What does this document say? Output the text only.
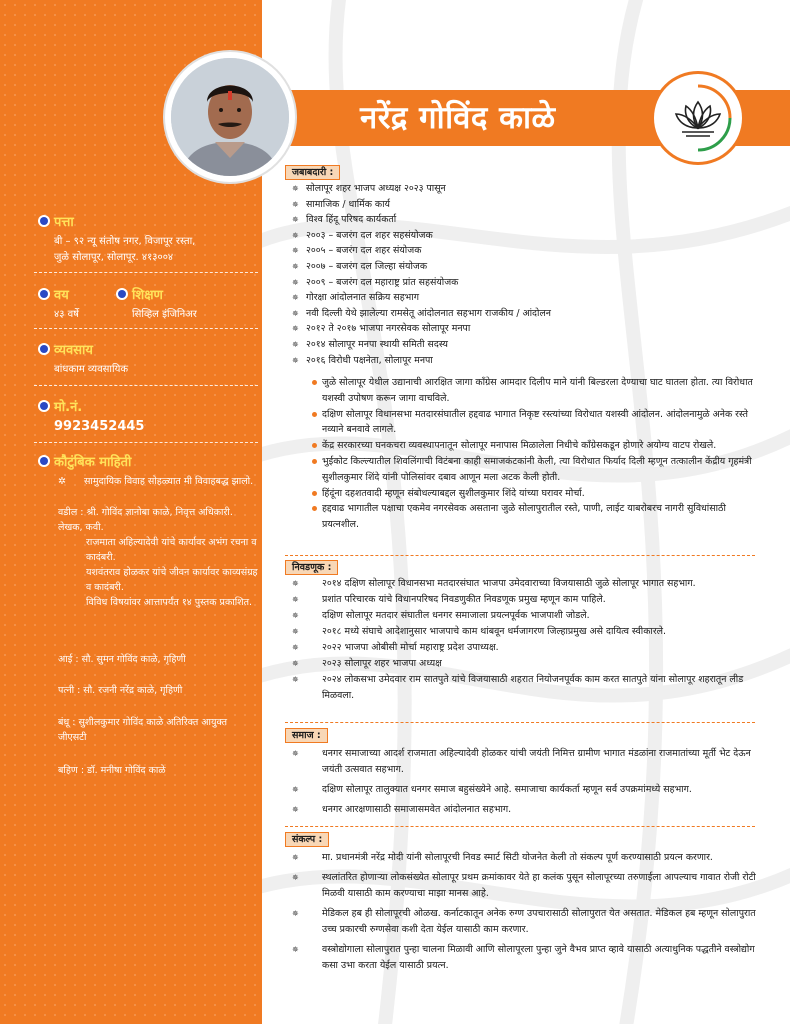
नरेंद्र गोविंद काळे
पत्ता
बी – ९२ न्यू संतोष नगर, विजापूर रस्ता,
जुळे सोलापूर, सोलापूर. ४१३००४
वय
४३ वर्षे
शिक्षण
सिव्हिल इंजिनिअर
व्यवसाय
बांधकाम व्यवसायिक
मो.नं.
9923452445
कौटुंबिक माहिती
✲ सामुदायिक विवाह सोहळ्यात मी विवाहबद्ध झालो.
वडील : श्री. गोविंद ज्ञानोबा काळे, निवृत्त अधिकारी. लेखक, कवी.
राजमाता अहिल्यादेवी यांचे कार्यावर अभंग रचना व कादंबरी.
यशवंतराव होळकर यांचे जीवन कार्यावर काव्यसंग्रह व कादंबरी.
विविध विषयांवर आत्तापर्यंत १४ पुस्तक प्रकाशित.
आई : सौ. सुमन गोविंद काळे, गृहिणी
पत्नी : सौ. रजनी नरेंद्र काळे, गृहिणी
बंधू : सुशीलकुमार गोविंद काळे अतिरिक्त आयुक्त जीएसटी
बहिण : डॉ. मनीषा गोविंद काळे
जबाबदारी :
✵ सोलापूर शहर भाजप अध्यक्ष २०२३ पासून
✵ सामाजिक / धार्मिक कार्य
✵ विश्व हिंदू परिषद कार्यकर्ता
✵ २००३ – बजरंग दल शहर सहसंयोजक
✵ २००५ – बजरंग दल शहर संयोजक
✵ २००७ – बजरंग दल जिल्हा संयोजक
✵ २००९ – बजरंग दल महाराष्ट्र प्रांत सहसंयोजक
✵ गोरक्षा आंदोलनात सक्रिय सहभाग
✵ नवी दिल्ली येथे झालेल्या रामसेतू आंदोलनात सहभाग राजकीय / आंदोलन
✵ २०१२ ते २०१७ भाजपा नगरसेवक सोलापूर मनपा
✵ २०१४ सोलापूर मनपा स्थायी समिती सदस्य
✵ २०१६ विरोधी पक्षनेता, सोलापूर मनपा
जुळे सोलापूर येथील उद्यानाची आरक्षित जागा कॉंग्रेस आमदार दिलीप माने यांनी बिल्डरला देण्याचा घाट घातला होता. त्या विरोधात यशस्वी उपोषण करून जागा वाचविले.
दक्षिण सोलापूर विधानसभा मतदारसंघातील हद्दवाढ भागात निकृष्ट रस्त्यांच्या विरोधात यशस्वी आंदोलन. आंदोलनामुळे अनेक रस्ते नव्याने बनवावे लागले.
केंद्र सरकारच्या घनकचरा व्यवस्थापनातून सोलापूर मनापास मिळालेला निधीचे कॉंग्रेसकडून होणारे अयोग्य वाटप रोखले.
भुईकोट किल्ल्यातील शिवलिंगाची विटंबना काही समाजकंटकांनी केली, त्या विरोधात फिर्याद दिली म्हणून तत्कालीन केंद्रीय गृहमंत्री सुशीलकुमार शिंदे यांनी पोलिसांवर दबाव आणून मला अटक केली होती.
हिंदूंना दहशतवादी म्हणून संबोधल्याबद्दल सुशीलकुमार शिंदे यांच्या घरावर मोर्चा.
हद्दवाढ भागातील पक्षाचा एकमेव नगरसेवक असताना जुळे सोलापुरातील रस्ते, पाणी, लाईट याबरोबरच नागरी सुविधांसाठी प्रयत्नशील.
निवडणूक :
✵ २०१४ दक्षिण सोलापूर विधानसभा मतदारसंघात भाजपा उमेदवाराच्या विजयासाठी जुळे सोलापूर भागात सहभाग.
✵ प्रशांत परिचारक यांचे विधानपरिषद निवडणुकीत निवडणूक प्रमुख म्हणून काम पाहिले.
✵ दक्षिण सोलापूर मतदार संघातील धनगर समाजाला प्रयत्नपूर्वक भाजपाशी जोडले.
✵ २०१८ मध्ये संघाचे आदेशानुसार भाजपाचे काम थांबवून धर्मजागरण जिल्हाप्रमुख असे दायित्व स्वीकारले.
✵ २०२२ भाजपा ओबीसी मोर्चा महाराष्ट्र प्रदेश उपाध्यक्ष.
✵ २०२३ सोलापूर शहर भाजपा अध्यक्ष
✵ २०२४ लोकसभा उमेदवार राम सातपुते यांचे विजयासाठी शहरात नियोजनपूर्वक काम करत सातपुते यांना सोलापूर शहरातून लीड मिळवला.
समाज :
✵ धनगर समाजाच्या आदर्श राजमाता अहिल्यादेवी होळकर यांची जयंती निमित्त ग्रामीण भागात मंडळांना राजमातांच्या मूर्ती भेट देऊन जयंती उत्सवात सहभाग.
✵ दक्षिण सोलापूर तालुक्यात धनगर समाज बहुसंख्येने आहे. समाजाचा कार्यकर्ता म्हणून सर्व उपक्रमांमध्ये सहभाग.
✵ धनगर आरक्षणासाठी समाजासमवेत आंदोलनात सहभाग.
संकल्प :
✵ मा. प्रधानमंत्री नरेंद्र मोदी यांनी सोलापूरची निवड स्मार्ट सिटी योजनेत केली तो संकल्प पूर्ण करण्यासाठी प्रयत्न करणार.
✵ स्थलांतरित होणाऱ्या लोकसंख्येत सोलापूर प्रथम क्रमांकावर येते हा कलंक पुसून सोलापूरच्या तरुणाईला आपल्याच गावात रोजी रोटी मिळवी यासाठी काम करण्याचा माझा मानस आहे.
✵ मेडिकल हब ही सोलापूरची ओळख. कर्नाटकातून अनेक रुग्ण उपचारासाठी सोलापुरात येत असतात. मेडिकल हब म्हणून सोलापुरात उच्च प्रकारची रुग्णसेवा कशी देता येईल यासाठी काम करणार.
✵ वस्त्रोद्योगाला सोलापुरात पुन्हा चालना मिळावी आणि सोलापूरला पुन्हा जुने वैभव प्राप्त व्हावे यासाठी अत्याधुनिक पद्धतीने वस्त्रोद्योग कसा उभा करता येईल यासाठी प्रयत्न.
